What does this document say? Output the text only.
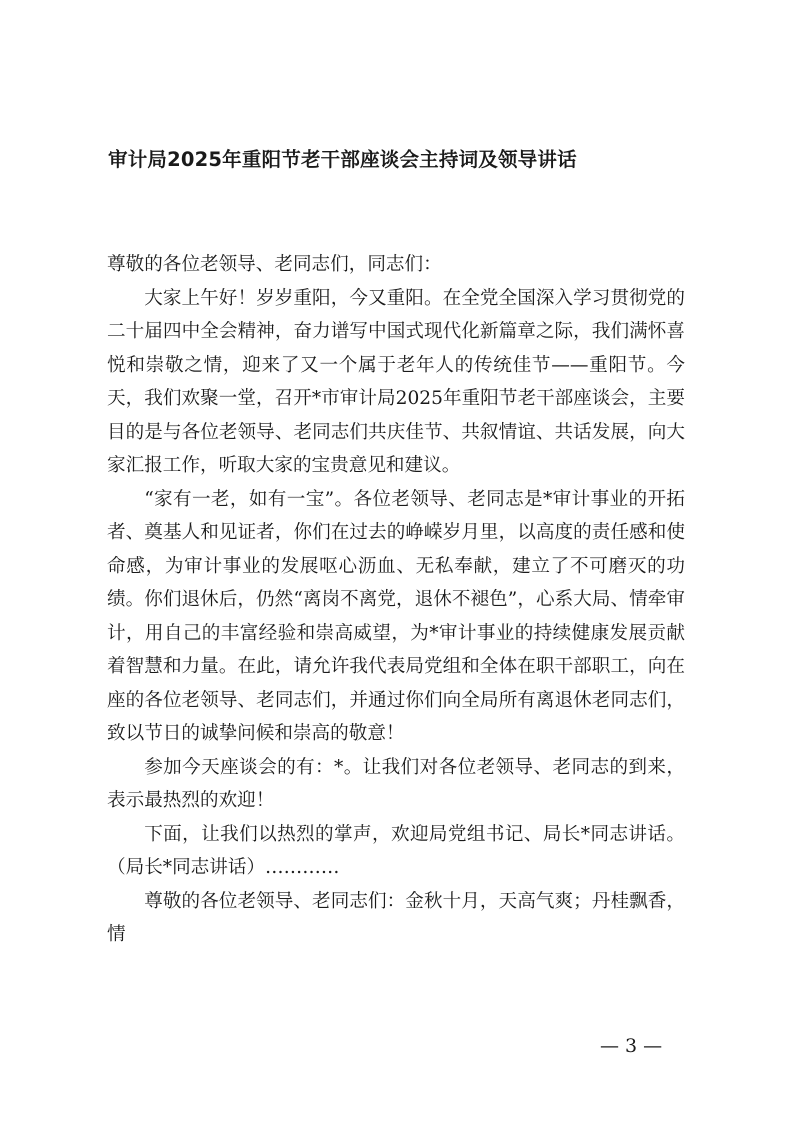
审计局2025年重阳节老干部座谈会主持词及领导讲话

尊敬的各位老领导、老同志们，同志们：

大家上午好！岁岁重阳，今又重阳。在全党全国深入学习贯彻党的二十届四中全会精神，奋力谱写中国式现代化新篇章之际，我们满怀喜悦和崇敬之情，迎来了又一个属于老年人的传统佳节——重阳节。今天，我们欢聚一堂，召开*市审计局2025年重阳节老干部座谈会，主要目的是与各位老领导、老同志们共庆佳节、共叙情谊、共话发展，向大家汇报工作，听取大家的宝贵意见和建议。

“家有一老，如有一宝”。各位老领导、老同志是*审计事业的开拓者、奠基人和见证者，你们在过去的峥嵘岁月里，以高度的责任感和使命感，为审计事业的发展呕心沥血、无私奉献，建立了不可磨灭的功绩。你们退休后，仍然“离岗不离党，退休不褪色”，心系大局、情牵审计，用自己的丰富经验和崇高威望，为*审计事业的持续健康发展贡献着智慧和力量。在此，请允许我代表局党组和全体在职干部职工，向在座的各位老领导、老同志们，并通过你们向全局所有离退休老同志们，致以节日的诚挚问候和崇高的敬意！

参加今天座谈会的有：*。让我们对各位老领导、老同志的到来，表示最热烈的欢迎！

下面，让我们以热烈的掌声，欢迎局党组书记、局长*同志讲话。（局长*同志讲话）…………

尊敬的各位老领导、老同志们：金秋十月，天高气爽；丹桂飘香，情

— 3 —
